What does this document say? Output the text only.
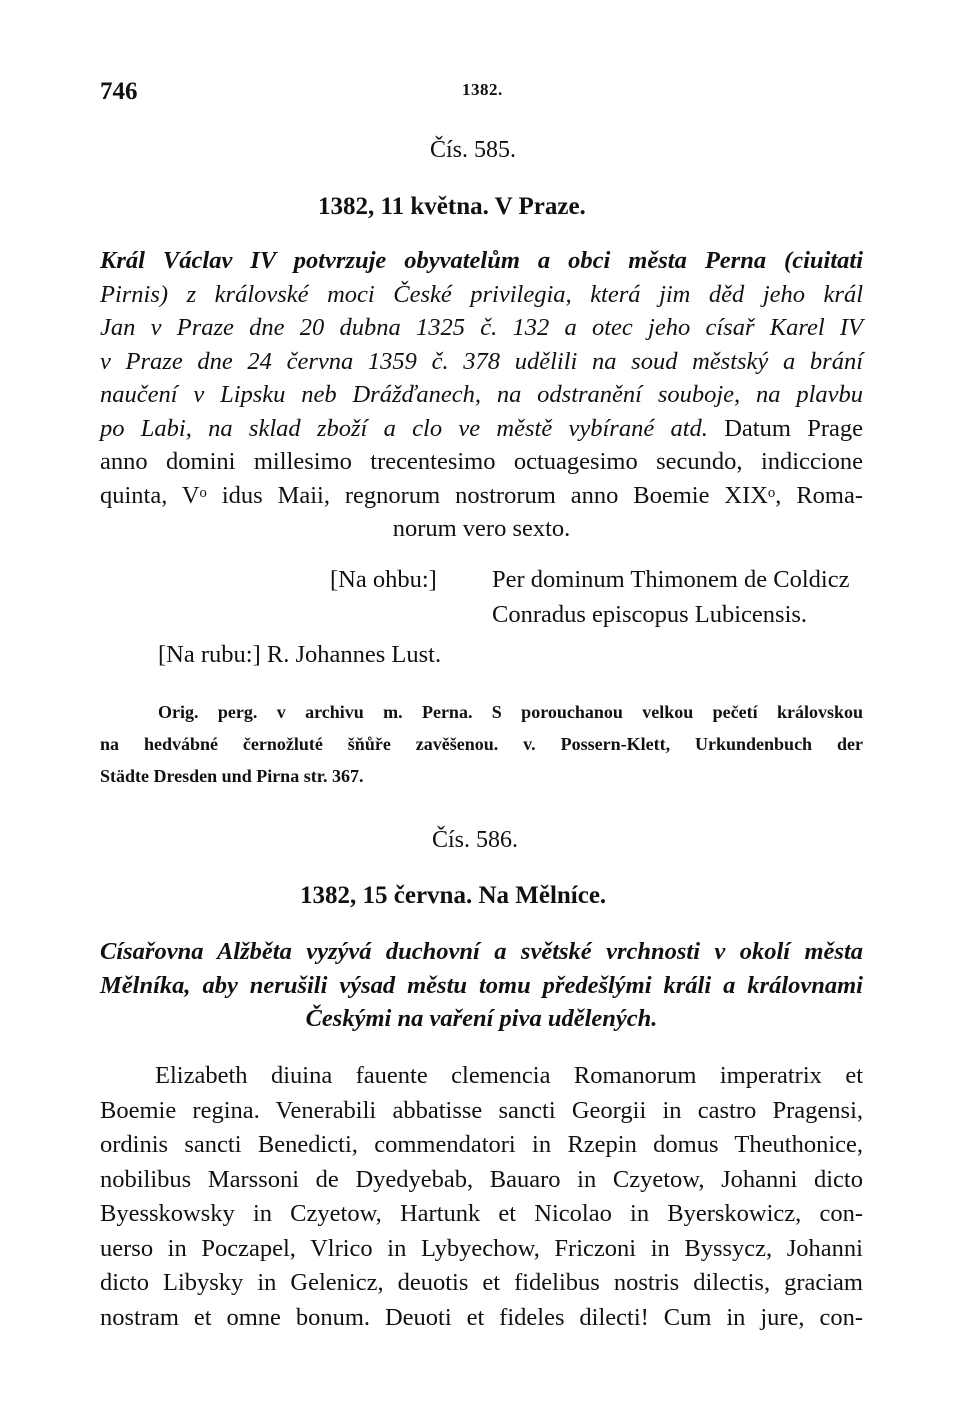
746	1382.
Čís. 585.
1382, 11 května. V Praze.
Král Václav IV potvrzuje obyvatelům a obci města Perna (ciuitati
Pirnis) z královské moci České privilegia, která jim děd jeho král
Jan v Praze dne 20 dubna 1325 č. 132 a otec jeho císař Karel IV
v Praze dne 24 června 1359 č. 378 udělili na soud městský a brání
naučení v Lipsku neb Drážďanech, na odstranění souboje, na plavbu
po Labi, na sklad zboží a clo ve městě vybírané atd. Datum Prage
anno domini millesimo trecentesimo octuagesimo secundo, indiccione
quinta, $V^o$ idus Maii, regnorum nostrorum anno Boemie XIX$^o$, Roma-
norum vero sexto.
[Na ohbu:] Per dominum Thimonem de Coldicz
Conradus episcopus Lubicensis.
[Na rubu:] R. Johannes Lust.
Orig. perg. v archivu m. Perna. S porouchanou velkou pečetí královskou
na hedvábné černožluté šňůře zavěšenou. v. Possern-Klett, Urkundenbuch der
Städte Dresden und Pirna str. 367.
Čís. 586.
1382, 15 června. Na Mělníce.
Císařovna Alžběta vyzývá duchovní a světské vrchnosti v okolí města
Mělníka, aby nerušili výsad městu tomu předešlými králi a královnami
Českými na vaření piva udělených.
Elizabeth diuina fauente clemencia Romanorum imperatrix et
Boemie regina. Venerabili abbatisse sancti Georgii in castro Pragensi,
ordinis sancti Benedicti, commendatori in Rzepin domus Theuthonice,
nobilibus Marssoni de Dyedyebab, Bauaro in Czyetow, Johanni dicto
Byesskowsky in Czyetow, Hartunk et Nicolao in Byerskowicz, con-
uerso in Poczapel, Vlrico in Lybyechow, Friczoni in Byssycz, Johanni
dicto Libysky in Gelenicz, deuotis et fidelibus nostris dilectis, graciam
nostram et omne bonum. Deuoti et fideles dilecti! Cum in jure, con-
